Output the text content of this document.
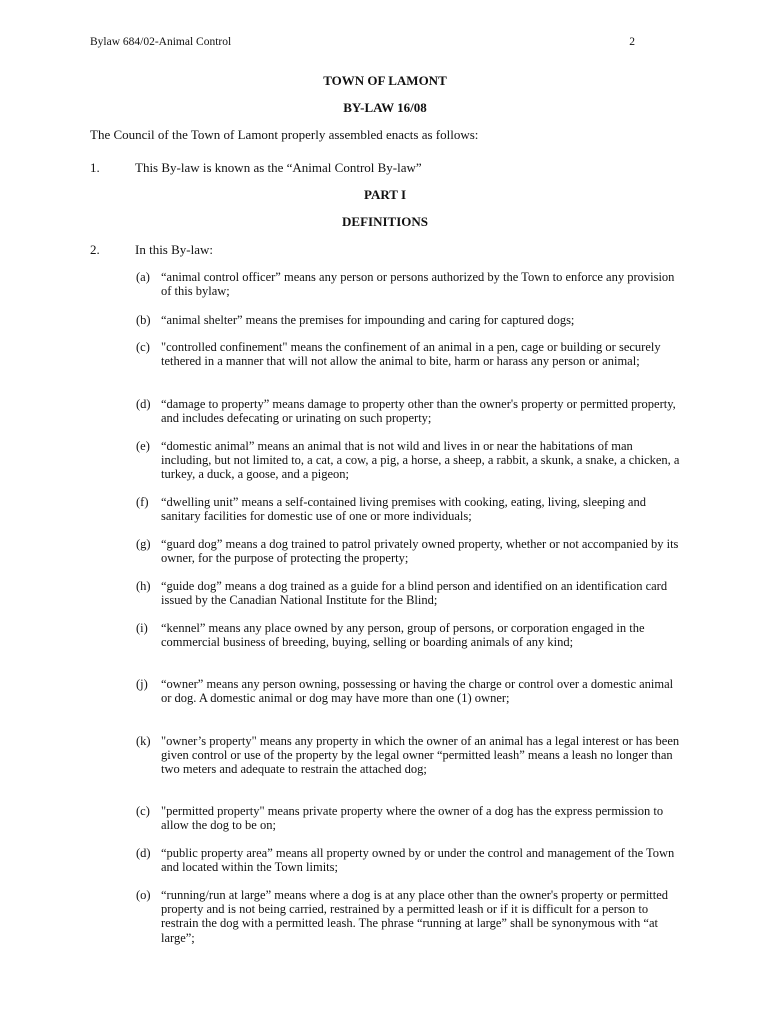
Bylaw 684/02-Animal Control	2
TOWN OF LAMONT
BY-LAW 16/08
The Council of the Town of Lamont properly assembled enacts as follows:
1.	This By-law is known as the “Animal Control By-law”
PART I
DEFINITIONS
2.	In this By-law:
(a) “animal control officer” means any person or persons authorized by the Town to enforce any provision of this bylaw;
(b) “animal shelter” means the premises for impounding and caring for captured dogs;
(c) "controlled confinement" means the confinement of an animal in a pen, cage or building or securely tethered in a manner that will not allow the animal to bite, harm or harass any person or animal;
(d) “damage to property” means damage to property other than the owner's property or permitted property, and includes defecating or urinating on such property;
(e) “domestic animal” means an animal that is not wild and lives in or near the habitations of man including, but not limited to, a cat, a cow, a pig, a horse, a sheep, a rabbit, a skunk, a snake, a chicken, a turkey, a duck, a goose, and a pigeon;
(f)	“dwelling unit” means a self-contained living premises with cooking, eating, living, sleeping and sanitary facilities for domestic use of one or more individuals;
(g) “guard dog” means a dog trained to patrol privately owned property, whether or not accompanied by its owner, for the purpose of protecting the property;
(h) “guide dog” means a dog trained as a guide for a blind person and identified on an identification card issued by the Canadian National Institute for the Blind;
(i)	“kennel” means any place owned by any person, group of persons, or corporation engaged in the commercial business of breeding, buying, selling or boarding animals of any kind;
(j)	“owner” means any person owning, possessing or having the charge or control over a domestic animal or dog. A domestic animal or dog may have more than one (1) owner;
(k) "owner’s property" means any property in which the owner of an animal has a legal interest or has been given control or use of the property by the legal owner “permitted leash” means a leash no longer than two meters and adequate to restrain the attached dog;
(c) "permitted property" means private property where the owner of a dog has the express permission to allow the dog to be on;
(d) “public property area” means all property owned by or under the control and management of the Town and located within the Town limits;
(o) “running/run at large” means where a dog is at any place other than the owner's property or permitted property and is not being carried, restrained by a permitted leash or if it is difficult for a person to restrain the dog with a permitted leash. The phrase “running at large” shall be synonymous with “at large”;
